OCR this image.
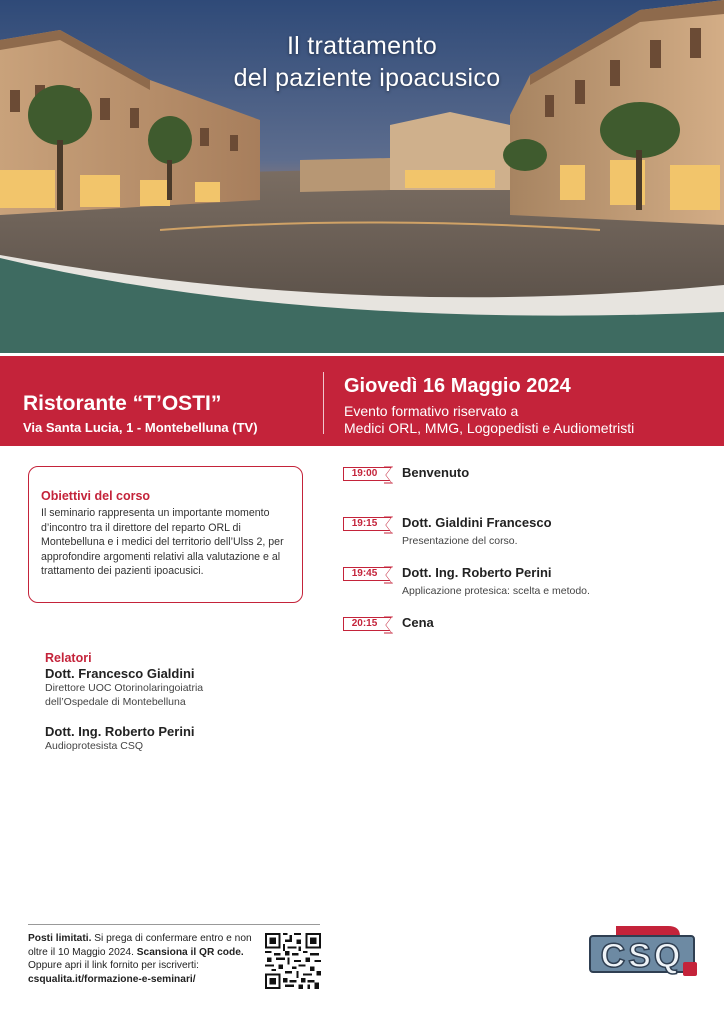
Il trattamento
del paziente ipoacusico
Ristorante “T’OSTI”
Via Santa Lucia, 1 - Montebelluna (TV)
Giovedì 16 Maggio 2024
Evento formativo riservato a
Medici ORL, MMG, Logopedisti e Audiometristi
Obiettivi del corso
Il seminario rappresenta un importante momento d’incontro tra il direttore del reparto ORL di Montebelluna e i medici del territorio dell’Ulss 2, per approfondire argomenti relativi alla valutazione e al trattamento dei pazienti ipoacusici.
19:00	Benvenuto
19:15	Dott. Gialdini Francesco
Presentazione del corso.
19:45	Dott. Ing. Roberto Perini
Applicazione protesica: scelta e metodo.
20:15	Cena
Relatori
Dott. Francesco Gialdini
Direttore UOC Otorinolaringoiatria
dell’Ospedale di Montebelluna
Dott. Ing. Roberto Perini
Audioprotesista CSQ
Posti limitati. Si prega di confermare entro e non oltre il 10 Maggio 2024. Scansiona il QR code. Oppure apri il link fornito per iscriverti:
csqualita.it/formazione-e-seminari/
CSQ
